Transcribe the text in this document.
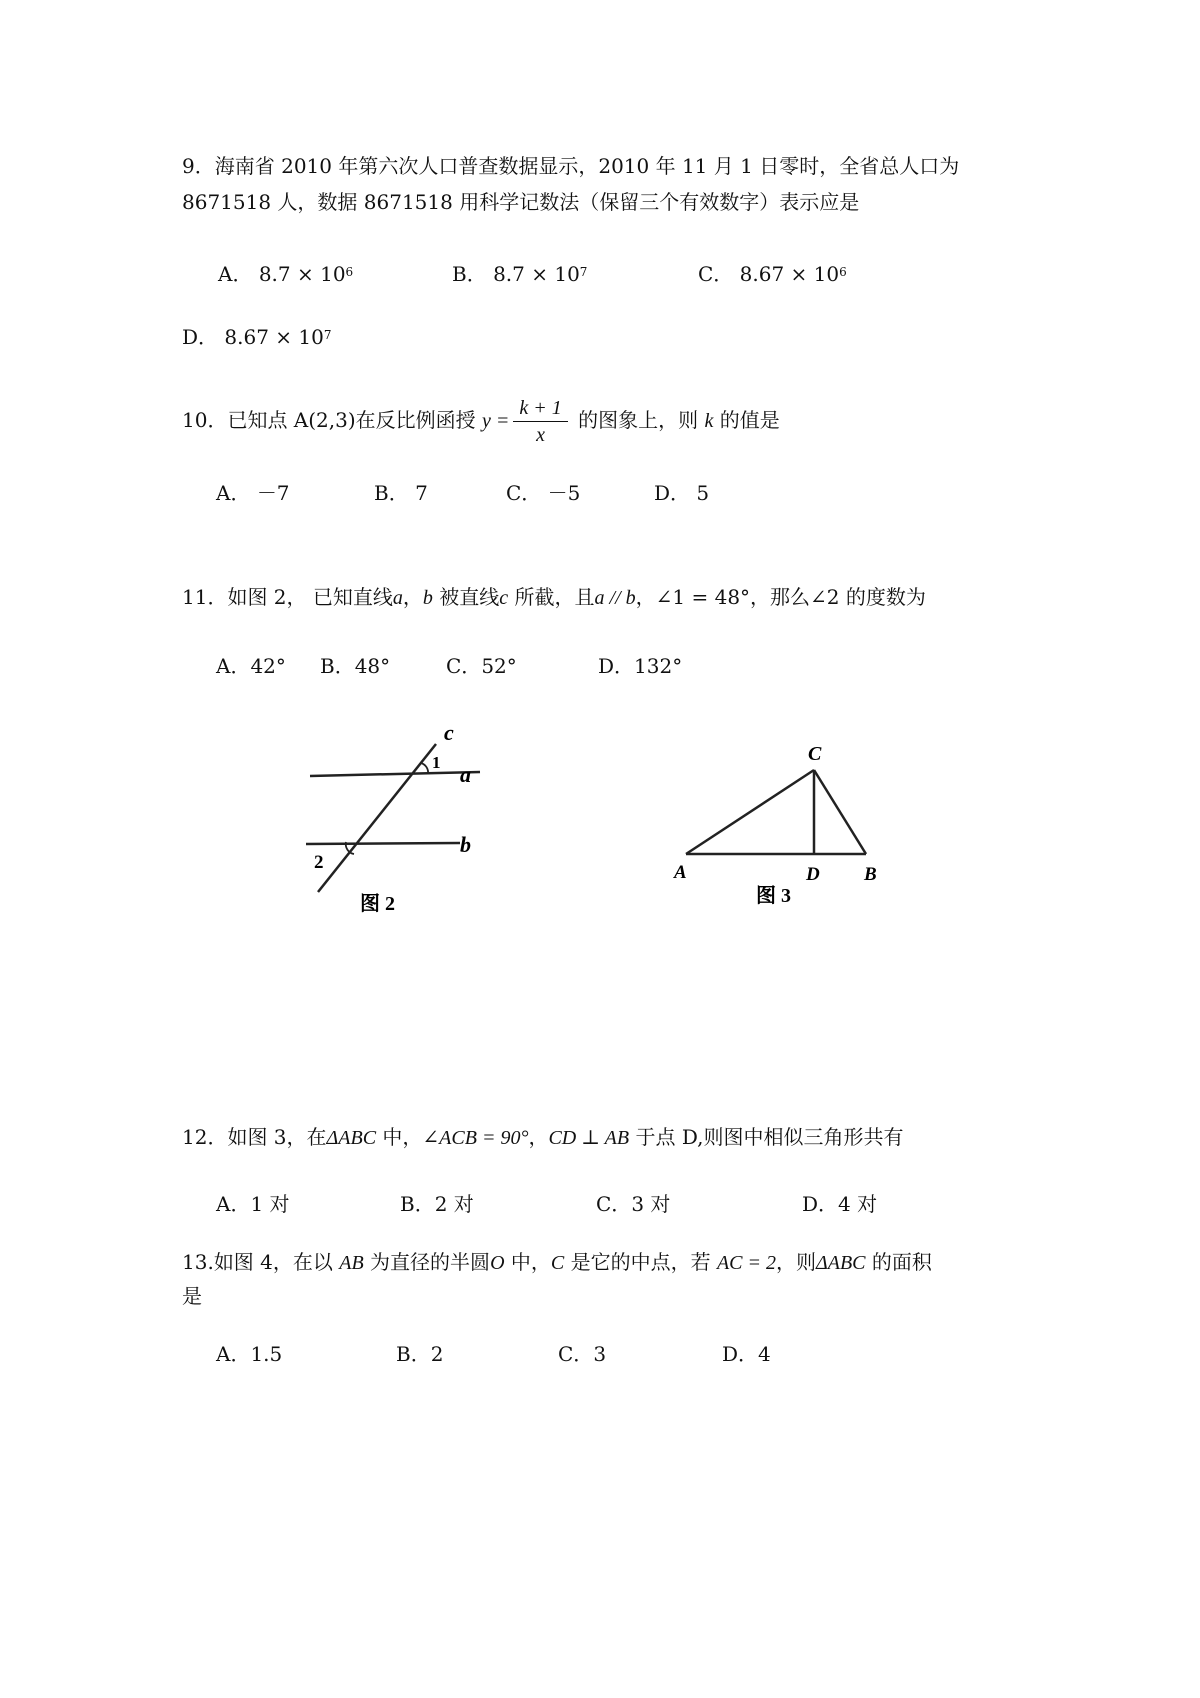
9．海南省 2010 年第六次人口普查数据显示，2010 年 11 月 1 日零时，全省总人口为
8671518 人，数据 8671518 用科学记数法（保留三个有效数字）表示应是
A． $8.7 \times 10^6$	B． $8.7 \times 10^7$	C． $8.67 \times 10^6$
D． $8.67 \times 10^7$
10．已知点 A(2,3)在反比例函授 $y = \frac{k + 1}{x}$ 的图象上，则 k 的值是
A． －7	B． 7	C． －5	D． 5
11．如图 2， 已知直线a，b 被直线c 所截，且a // b，∠1 = 48°，那么∠2 的度数为
A．42° B．48°	C．52°	D．132°
c
1 a
2
b
图 2
C
A	D B
图 3
12．如图 3，在ΔABC 中，∠ACB = 90°，CD ⊥ AB 于点 D,则图中相似三角形共有
A．1 对	B．2 对	C．3 对	D．4 对
13.如图 4，在以 AB 为直径的半圆O 中，C 是它的中点，若 AC = 2，则ΔABC 的面积
是
A．1.5	B．2	C．3	D．4
